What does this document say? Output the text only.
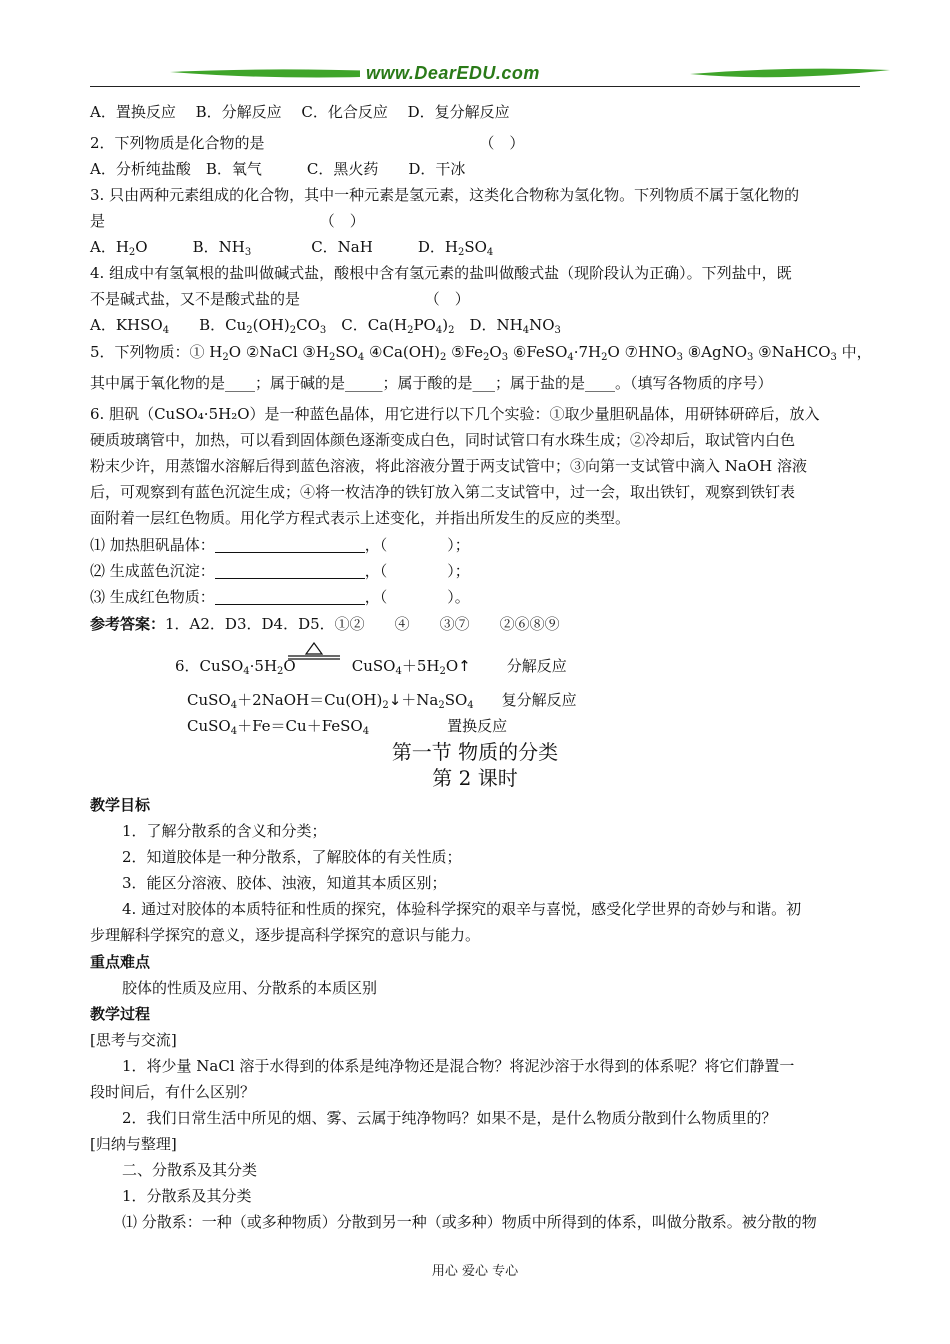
www.DearEDU.com
A．置换反应　 B．分解反应　 C．化合反应　 D．复分解反应
2．下列物质是化合物的是　　　　　　　　　　　　　　 （　）
A．分析纯盐酸　B．氧气　　　C．黑火药　　D．干冰
3. 只由两种元素组成的化合物，其中一种元素是氢元素，这类化合物称为氢化物。下列物质不属于氢化物的
是　　　　　　　　　　　　　　 （　）
A．$H_2O$　　　B．$NH_3$　　　　C．NaH　　　D．$H_2SO_4$
4. 组成中有氢氧根的盐叫做碱式盐，酸根中含有氢元素的盐叫做酸式盐（现阶段认为正确）。下列盐中，既
不是碱式盐，又不是酸式盐的是　　　　　　　　 （　）
A．$KHSO_4$　　B．$Cu_2(OH)_2CO_3$　C．$Ca(H_2PO_4)_2$　D．$NH_4NO_3$
5．下列物质：① $H_2O$ ②NaCl $③H_2SO_4$ $④Ca(OH)_2$ $⑤Fe_2O_3$ $⑥FeSO_4\cdot 7H_2O$ $⑦HNO_3$ ⑧AgNO$_3$ ⑨NaHCO$_3$ 中，
其中属于氧化物的是____；属于碱的是_____；属于酸的是___；属于盐的是____。（填写各物质的序号）
6. 胆矾（CuSO₄·5H₂O）是一种蓝色晶体，用它进行以下几个实验：①取少量胆矾晶体，用研钵研碎后，放入
硬质玻璃管中，加热，可以看到固体颜色逐渐变成白色，同时试管口有水珠生成；②冷却后，取试管内白色
粉末少许，用蒸馏水溶解后得到蓝色溶液，将此溶液分置于两支试管中；③向第一支试管中滴入 NaOH 溶液
后，可观察到有蓝色沉淀生成；④将一枚洁净的铁钉放入第二支试管中，过一会，取出铁钉，观察到铁钉表
面附着一层红色物质。用化学方程式表示上述变化，并指出所发生的反应的类型。
⑴ 加热胆矾晶体：	，（　　　　）；
⑵ 生成蓝色沉淀：	，（　　　　）；
⑶ 生成红色物质：	，（　　　　）。
参考答案：1．A2．D3．D4．D5．①②　　④　　③⑦　　②⑥⑧⑨
6．$CuSO_4\cdot 5H_2O$	$CuSO_4+5H_2O↑$ 分解反应
$CuSO_4+2NaOH=Cu(OH)_2↓+Na_2SO_4$ 复分解反应
CuSO$_4$＋Fe＝Cu＋FeSO$_4$	置换反应
第一节 物质的分类
第 2 课时
教学目标
1．了解分散系的含义和分类；
2．知道胶体是一种分散系，了解胶体的有关性质；
3．能区分溶液、胶体、浊液，知道其本质区别；
4. 通过对胶体的本质特征和性质的探究，体验科学探究的艰辛与喜悦，感受化学世界的奇妙与和谐。初
步理解科学探究的意义，逐步提高科学探究的意识与能力。
重点难点
胶体的性质及应用、分散系的本质区别
教学过程
[思考与交流]
1．将少量 NaCl 溶于水得到的体系是纯净物还是混合物？将泥沙溶于水得到的体系呢？将它们静置一
段时间后，有什么区别？
2．我们日常生活中所见的烟、雾、云属于纯净物吗？如果不是，是什么物质分散到什么物质里的？
[归纳与整理]
二、分散系及其分类
1．分散系及其分类
⑴ 分散系：一种（或多种物质）分散到另一种（或多种）物质中所得到的体系，叫做分散系。被分散的物
用心 爱心 专心
